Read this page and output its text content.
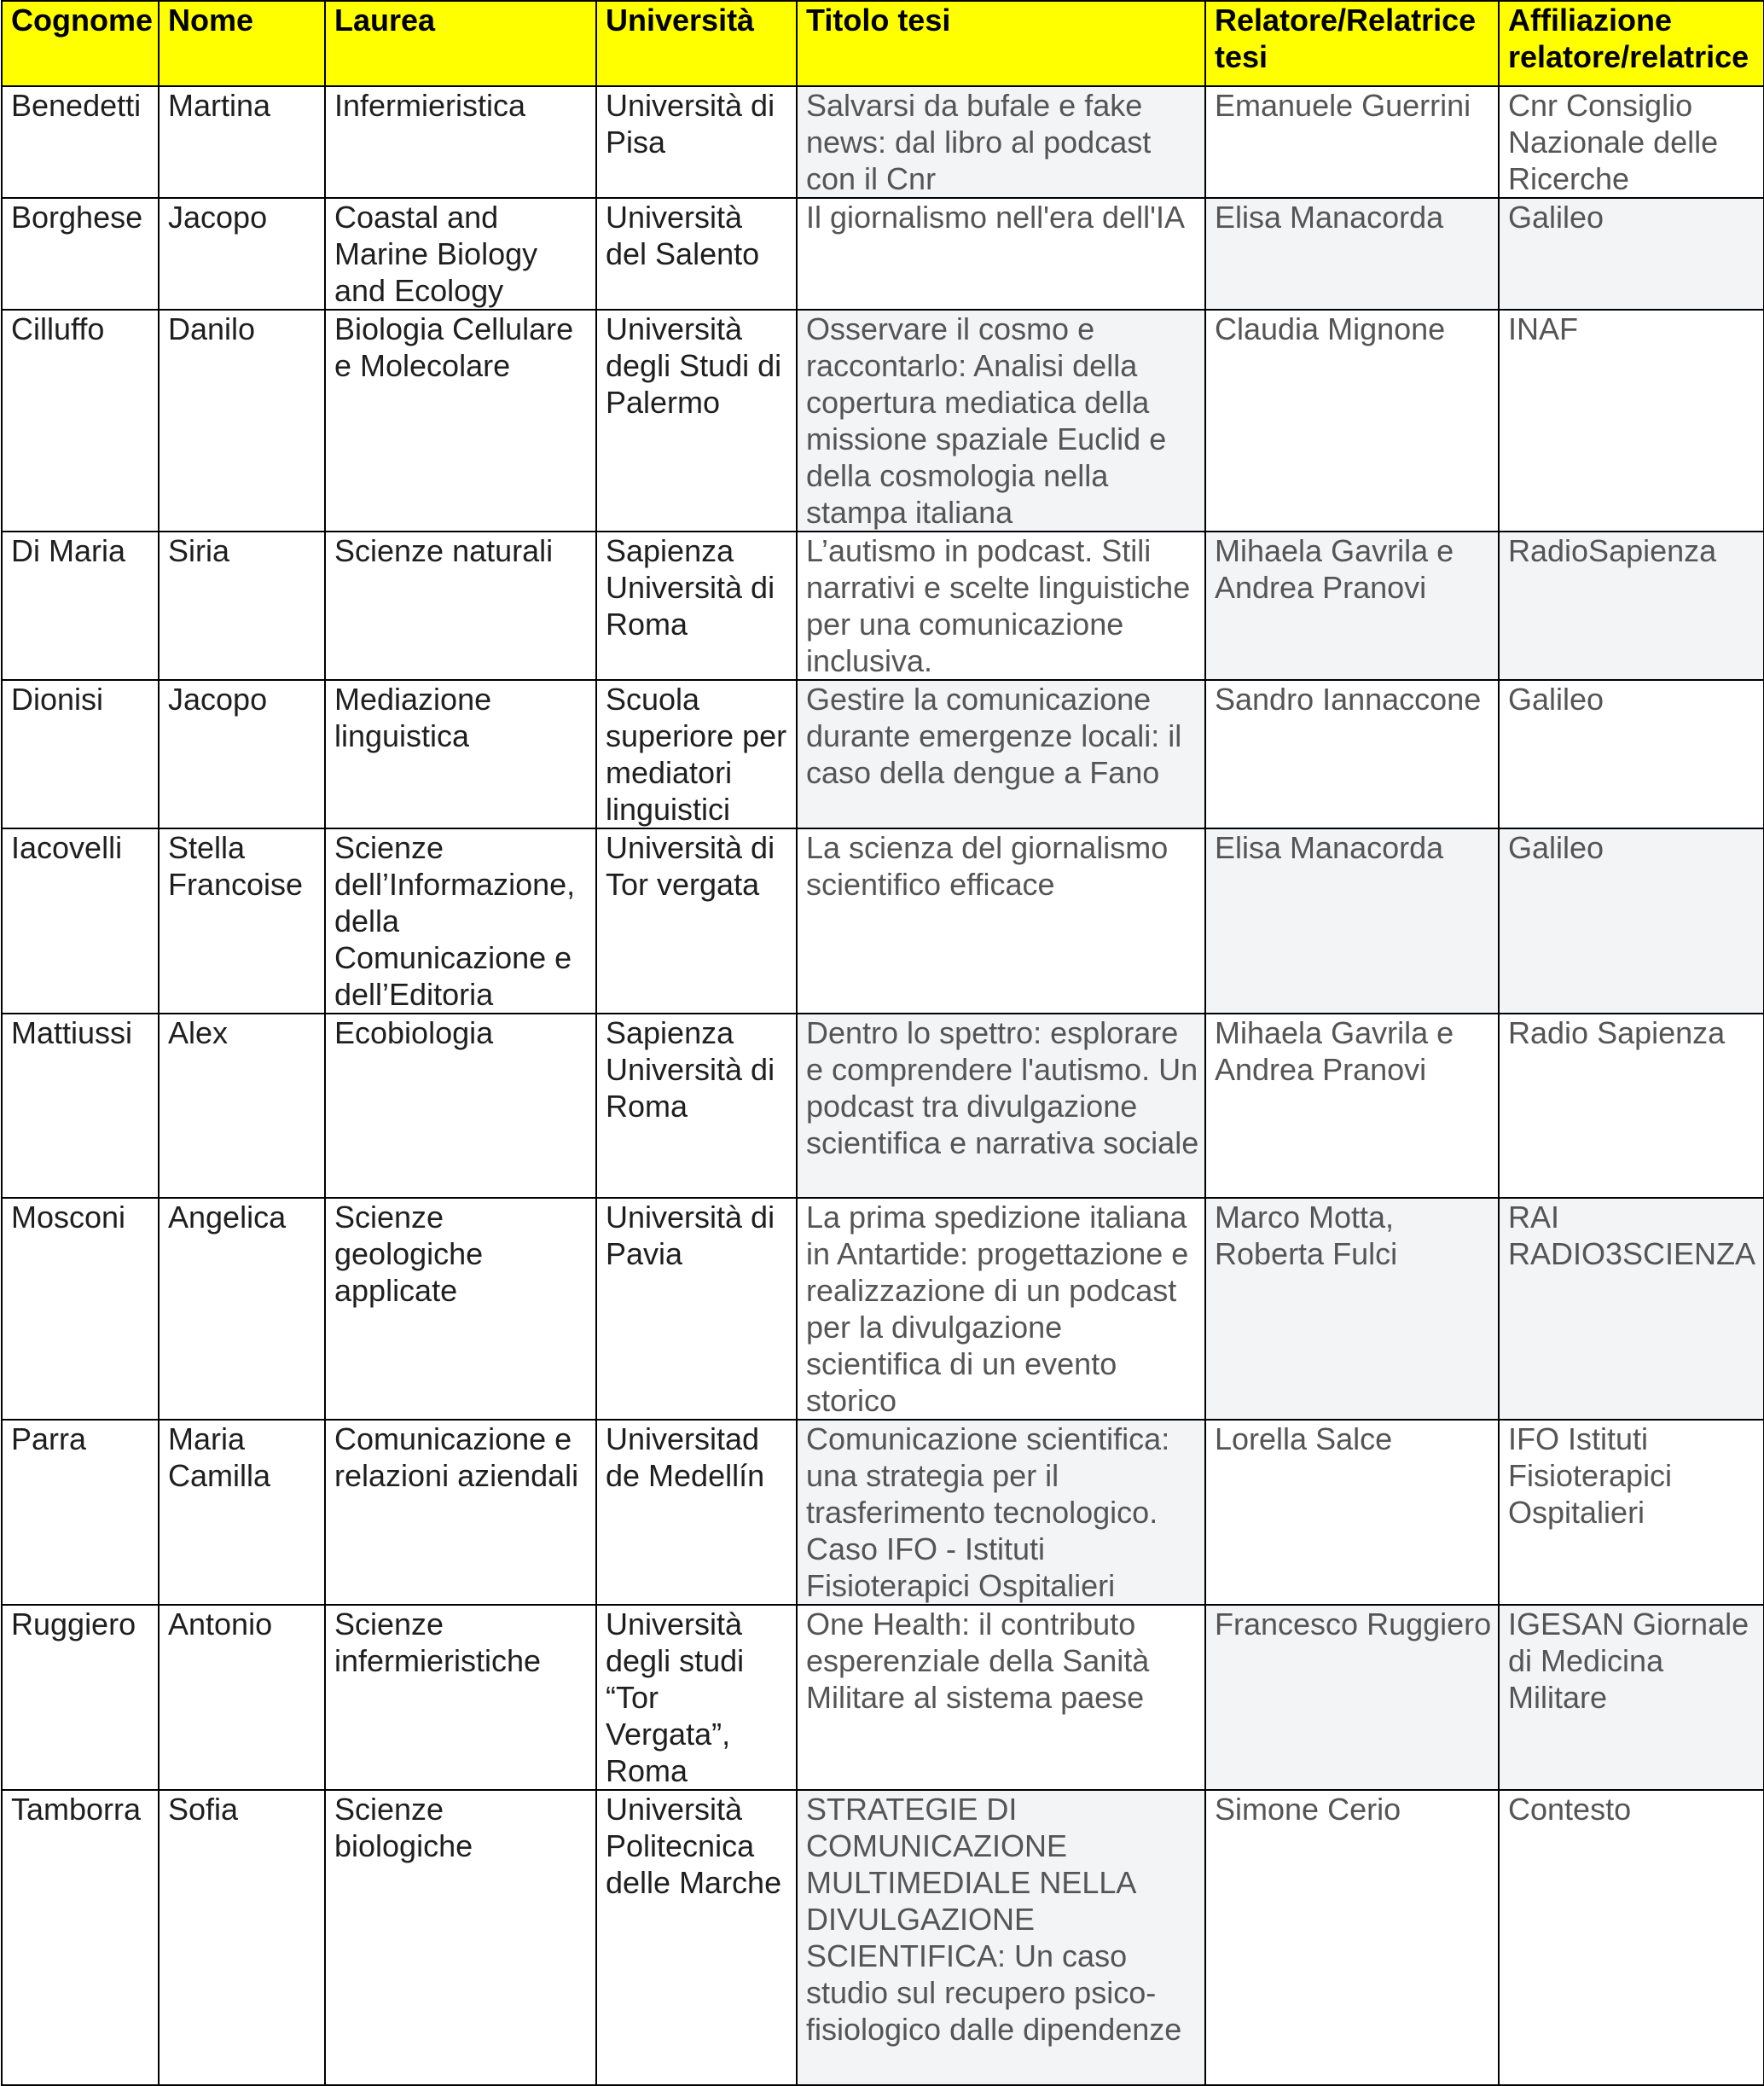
Cognome	Nome	Laurea	Università	Titolo tesi	Relatore/Relatrice tesi	Affiliazione relatore/relatrice
Benedetti	Martina	Infermieristica	Università di Pisa	Salvarsi da bufale e fake news: dal libro al podcast con il Cnr	Emanuele Guerrini	Cnr Consiglio Nazionale delle Ricerche
Borghese	Jacopo	Coastal and Marine Biology and Ecology	Università del Salento	Il giornalismo nell'era dell'IA	Elisa Manacorda	Galileo
Cilluffo	Danilo	Biologia Cellulare e Molecolare	Università degli Studi di Palermo	Osservare il cosmo e raccontarlo: Analisi della copertura mediatica della missione spaziale Euclid e della cosmologia nella stampa italiana	Claudia Mignone	INAF
Di Maria	Siria	Scienze naturali	Sapienza Università di Roma	L’autismo in podcast. Stili narrativi e scelte linguistiche per una comunicazione inclusiva.	Mihaela Gavrila e Andrea Pranovi	RadioSapienza
Dionisi	Jacopo	Mediazione linguistica	Scuola superiore per mediatori linguistici	Gestire la comunicazione durante emergenze locali: il caso della dengue a Fano	Sandro Iannaccone	Galileo
Iacovelli	Stella Francoise	Scienze dell’Informazione, della Comunicazione e dell’Editoria	Università di Tor vergata	La scienza del giornalismo scientifico efficace	Elisa Manacorda	Galileo
Mattiussi	Alex	Ecobiologia	Sapienza Università di Roma	Dentro lo spettro: esplorare e comprendere l'autismo. Un podcast tra divulgazione scientifica e narrativa sociale	Mihaela Gavrila e Andrea Pranovi	Radio Sapienza
Mosconi	Angelica	Scienze geologiche applicate	Università di Pavia	La prima spedizione italiana in Antartide: progettazione e realizzazione di un podcast per la divulgazione scientifica di un evento storico	Marco Motta, Roberta Fulci	RAI RADIO3SCIENZA
Parra	Maria Camilla	Comunicazione e relazioni aziendali	Universitad de Medellín	Comunicazione scientifica: una strategia per il trasferimento tecnologico. Caso IFO - Istituti Fisioterapici Ospitalieri	Lorella Salce	IFO Istituti Fisioterapici Ospitalieri
Ruggiero	Antonio	Scienze infermieristiche	Università degli studi “Tor Vergata”, Roma	One Health: il contributo esperenziale della Sanità Militare al sistema paese	Francesco Ruggiero	IGESAN Giornale di Medicina Militare
Tamborra	Sofia	Scienze biologiche	Università Politecnica delle Marche	STRATEGIE DI COMUNICAZIONE MULTIMEDIALE NELLA DIVULGAZIONE SCIENTIFICA: Un caso studio sul recupero psico-fisiologico dalle dipendenze	Simone Cerio	Contesto
